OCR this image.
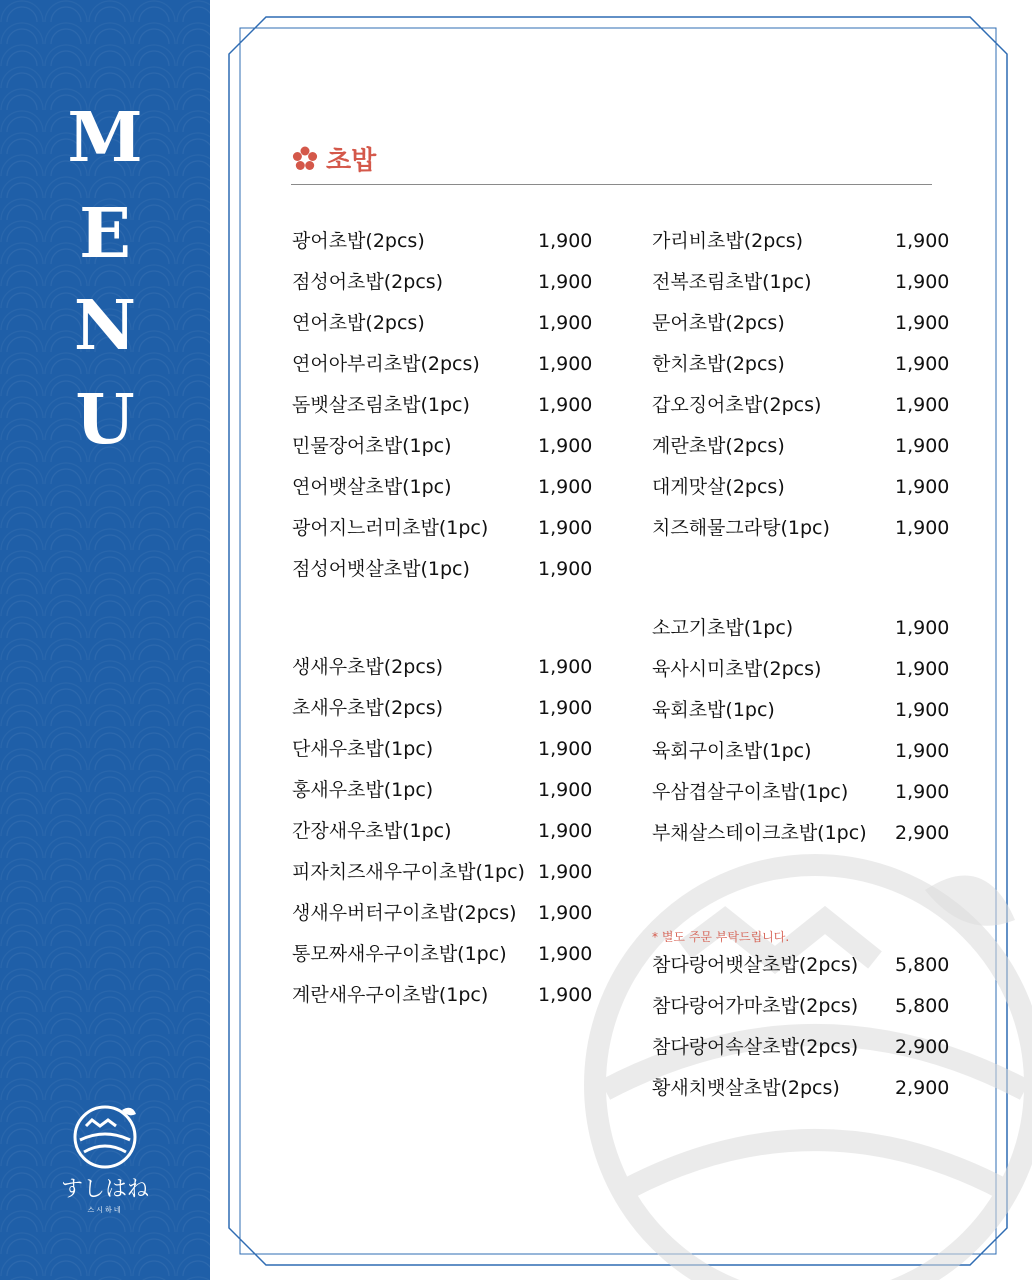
M
E
N
U
すしはね
스시하네
초밥
광어초밥(2pcs)	1,900
점성어초밥(2pcs)	1,900
연어초밥(2pcs)	1,900
연어아부리초밥(2pcs)	1,900
돔뱃살조림초밥(1pc)	1,900
민물장어초밥(1pc)	1,900
연어뱃살초밥(1pc)	1,900
광어지느러미초밥(1pc)	1,900
점성어뱃살초밥(1pc)	1,900
생새우초밥(2pcs)	1,900
초새우초밥(2pcs)	1,900
단새우초밥(1pc)	1,900
홍새우초밥(1pc)	1,900
간장새우초밥(1pc)	1,900
피자치즈새우구이초밥(1pc) 1,900
생새우버터구이초밥(2pcs) 1,900
통모짜새우구이초밥(1pc) 1,900
계란새우구이초밥(1pc)	1,900
가리비초밥(2pcs)	1,900
전복조림초밥(1pc)	1,900
문어초밥(2pcs)	1,900
한치초밥(2pcs)	1,900
갑오징어초밥(2pcs)	1,900
계란초밥(2pcs)	1,900
대게맛살(2pcs)	1,900
치즈해물그라탕(1pc)	1,900
소고기초밥(1pc)	1,900
육사시미초밥(2pcs)	1,900
육회초밥(1pc)	1,900
육회구이초밥(1pc)	1,900
우삼겹살구이초밥(1pc) 1,900
부채살스테이크초밥(1pc) 2,900
* 별도 주문 부탁드립니다.
참다랑어뱃살초밥(2pcs) 5,800
참다랑어가마초밥(2pcs) 5,800
참다랑어속살초밥(2pcs) 2,900
황새치뱃살초밥(2pcs)	2,900
